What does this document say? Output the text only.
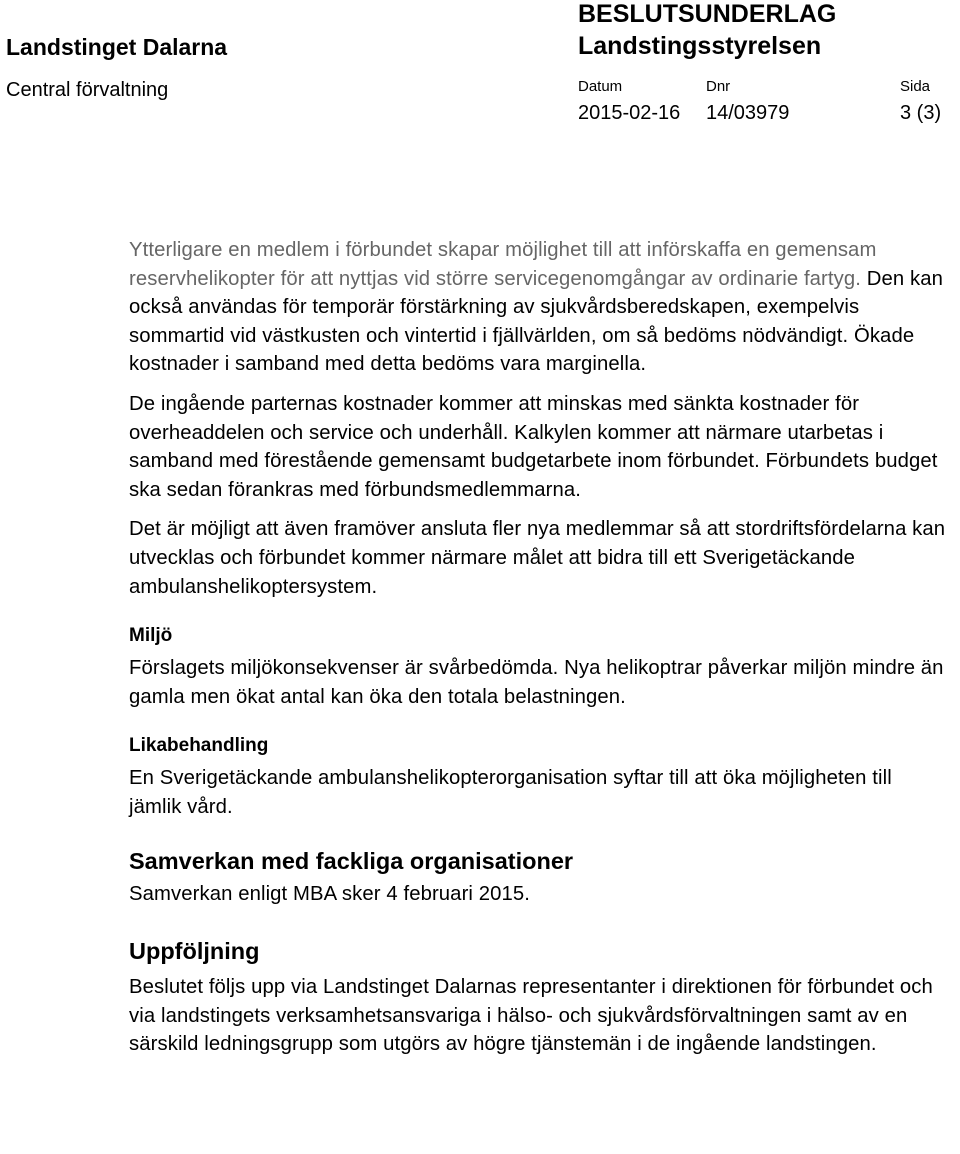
Landstinget Dalarna
Central förvaltning
BESLUTSUNDERLAG
Landstingsstyrelsen
Datum	Dnr	Sida
2015-02-16 14/03979	3 (3)

Ytterligare en medlem i förbundet skapar möjlighet till att införskaffa en gemensam reservhelikopter för att nyttjas vid större servicegenomgångar av ordinarie fartyg. Den kan också användas för temporär förstärkning av sjukvårdsberedskapen, exempelvis sommartid vid västkusten och vintertid i fjällvärlden, om så bedöms nödvändigt. Ökade kostnader i samband med detta bedöms vara marginella.

De ingående parternas kostnader kommer att minskas med sänkta kostnader för overheaddelen och service och underhåll. Kalkylen kommer att närmare utarbetas i samband med förestående gemensamt budgetarbete inom förbundet. Förbundets budget ska sedan förankras med förbundsmedlemmarna.

Det är möjligt att även framöver ansluta fler nya medlemmar så att stordriftsfördelarna kan utvecklas och förbundet kommer närmare målet att bidra till ett Sverigetäckande ambulanshelikoptersystem.

Miljö

Förslagets miljökonsekvenser är svårbedömda. Nya helikoptrar påverkar miljön mindre än gamla men ökat antal kan öka den totala belastningen.

Likabehandling

En Sverigetäckande ambulanshelikopterorganisation syftar till att öka möjligheten till jämlik vård.

Samverkan med fackliga organisationer

Samverkan enligt MBA sker 4 februari 2015.

Uppföljning

Beslutet följs upp via Landstinget Dalarnas representanter i direktionen för förbundet och via landstingets verksamhetsansvariga i hälso- och sjukvårdsförvaltningen samt av en särskild ledningsgrupp som utgörs av högre tjänstemän i de ingående landstingen.
